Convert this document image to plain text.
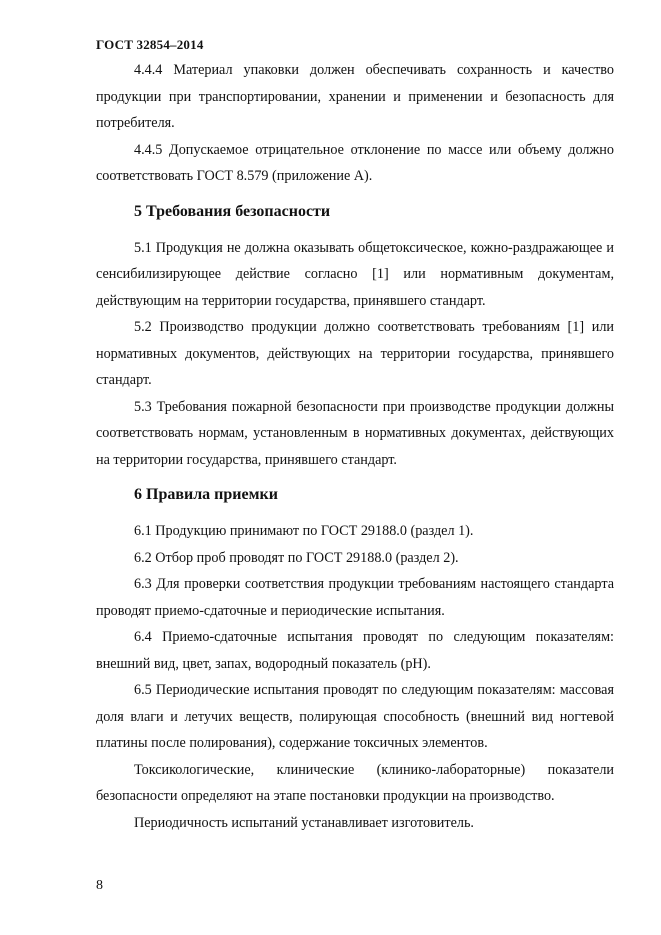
ГОСТ 32854–2014

4.4.4 Материал упаковки должен обеспечивать сохранность и качество продукции при транспортировании, хранении и применении и безопасность для потребителя.

4.4.5 Допускаемое отрицательное отклонение по массе или объему должно соответствовать ГОСТ 8.579 (приложение А).

5 Требования безопасности

5.1 Продукция не должна оказывать общетоксическое, кожно-раздражающее и сенсибилизирующее действие согласно [1] или нормативным документам, действующим на территории государства, принявшего стандарт.

5.2 Производство продукции должно соответствовать требованиям [1] или нормативных документов, действующих на территории государства, принявшего стандарт.

5.3 Требования пожарной безопасности при производстве продукции должны соответствовать нормам, установленным в нормативных документах, действующих на территории государства, принявшего стандарт.

6 Правила приемки

6.1 Продукцию принимают по ГОСТ 29188.0 (раздел 1).

6.2 Отбор проб проводят по ГОСТ 29188.0 (раздел 2).

6.3 Для проверки соответствия продукции требованиям настоящего стандарта проводят приемо-сдаточные и периодические испытания.

6.4 Приемо-сдаточные испытания проводят по следующим показателям: внешний вид, цвет, запах, водородный показатель (рН).

6.5 Периодические испытания проводят по следующим показателям: массовая доля влаги и летучих веществ, полирующая способность (внешний вид ногтевой платины после полирования), содержание токсичных элементов.

Токсикологические, клинические (клинико-лабораторные) показатели безопасности определяют на этапе постановки продукции на производство.

Периодичность испытаний устанавливает изготовитель.

8
